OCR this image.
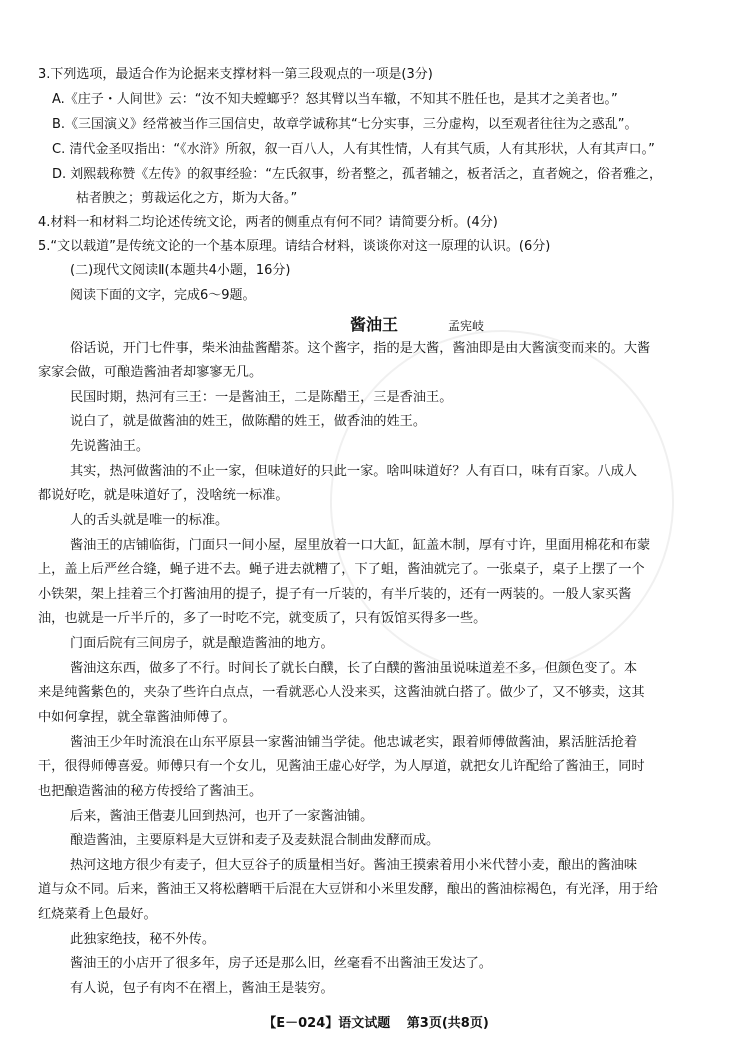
3.下列选项，最适合作为论据来支撑材料一第三段观点的一项是(3分)
A.《庄子・人间世》云：“汝不知夫螳螂乎？怒其臂以当车辙，不知其不胜任也，是其才之美者也。”
B.《三国演义》经常被当作三国信史，故章学诚称其“七分实事，三分虚构，以至观者往往为之惑乱”。
C. 清代金圣叹指出：“《水浒》所叙，叙一百八人，人有其性情，人有其气质，人有其形状，人有其声口。”
D. 刘熙载称赞《左传》的叙事经验：“左氏叙事，纷者整之，孤者辅之，板者活之，直者婉之，俗者雅之，
枯者腴之；剪裁运化之方，斯为大备。”
4.材料一和材料二均论述传统文论，两者的侧重点有何不同？请简要分析。(4分)
5.“文以载道”是传统文论的一个基本原理。请结合材料，谈谈你对这一原理的认识。(6分)
(二)现代文阅读Ⅱ(本题共4小题，16分)
阅读下面的文字，完成6～9题。
酱油王	孟宪岐
俗话说，开门七件事，柴米油盐酱醋茶。这个酱字，指的是大酱，酱油即是由大酱演变而来的。大酱
家家会做，可酿造酱油者却寥寥无几。
民国时期，热河有三王：一是酱油王，二是陈醋王，三是香油王。
说白了，就是做酱油的姓王，做陈醋的姓王，做香油的姓王。
先说酱油王。
其实，热河做酱油的不止一家，但味道好的只此一家。啥叫味道好？人有百口，味有百家。八成人
都说好吃，就是味道好了，没啥统一标准。
人的舌头就是唯一的标准。
酱油王的店铺临街，门面只一间小屋，屋里放着一口大缸，缸盖木制，厚有寸许，里面用棉花和布蒙
上，盖上后严丝合缝，蝇子进不去。蝇子进去就糟了，下了蛆，酱油就完了。一张桌子，桌子上摆了一个
小铁架，架上挂着三个打酱油用的提子，提子有一斤装的，有半斤装的，还有一两装的。一般人家买酱
油，也就是一斤半斤的，多了一时吃不完，就变质了，只有饭馆买得多一些。
门面后院有三间房子，就是酿造酱油的地方。
酱油这东西，做多了不行。时间长了就长白醭，长了白醭的酱油虽说味道差不多，但颜色变了。本
来是纯酱紫色的，夹杂了些许白点点，一看就恶心人没来买，这酱油就白搭了。做少了，又不够卖，这其
中如何拿捏，就全靠酱油师傅了。
酱油王少年时流浪在山东平原县一家酱油铺当学徒。他忠诚老实，跟着师傅做酱油，累活脏活抢着
干，很得师傅喜爱。师傅只有一个女儿，见酱油王虚心好学，为人厚道，就把女儿许配给了酱油王，同时
也把酿造酱油的秘方传授给了酱油王。
后来，酱油王偕妻儿回到热河，也开了一家酱油铺。
酿造酱油，主要原料是大豆饼和麦子及麦麸混合制曲发酵而成。
热河这地方很少有麦子，但大豆谷子的质量相当好。酱油王摸索着用小米代替小麦，酿出的酱油味
道与众不同。后来，酱油王又将松蘑晒干后混在大豆饼和小米里发酵，酿出的酱油棕褐色，有光泽，用于给
红烧菜肴上色最好。
此独家绝技，秘不外传。
酱油王的小店开了很多年，房子还是那么旧，丝毫看不出酱油王发达了。
有人说，包子有肉不在褶上，酱油王是装穷。
【E－024】语文试题 第3页(共8页)
